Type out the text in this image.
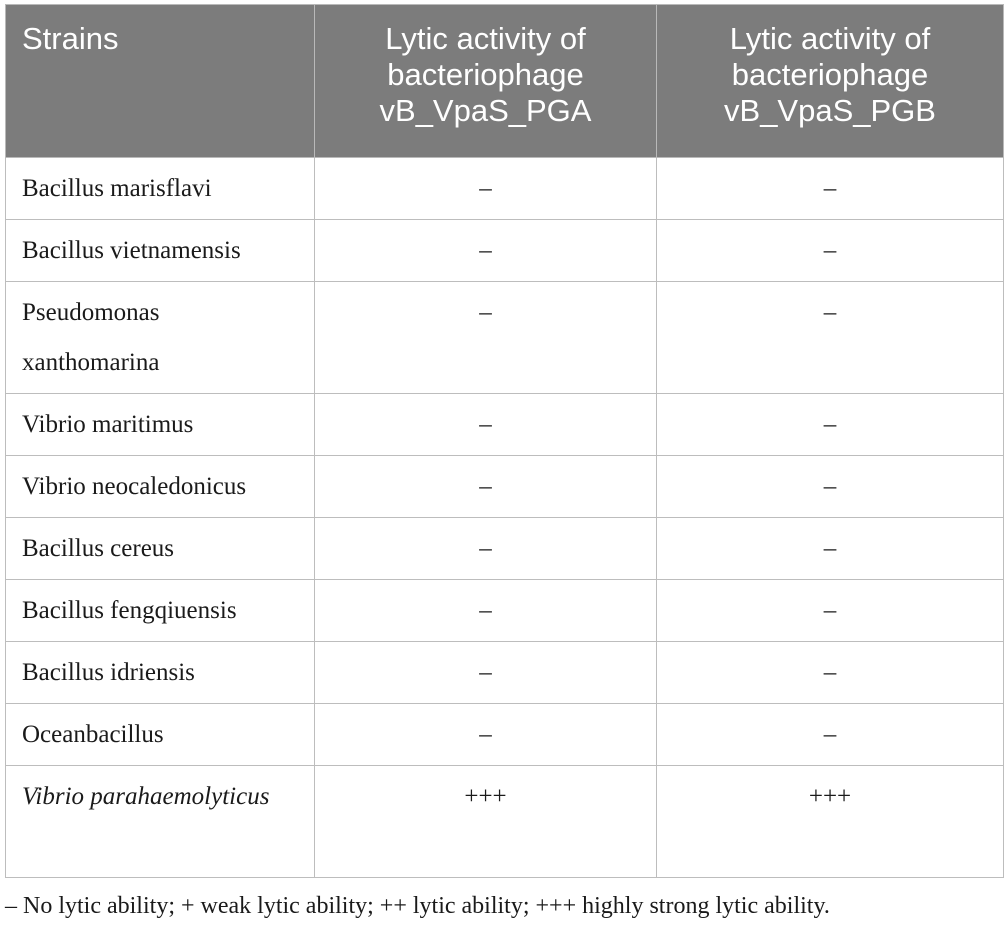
Strains	Lytic activity of bacteriophage vB_VpaS_PGA	Lytic activity of bacteriophage vB_VpaS_PGB
Bacillus marisflavi	–	–
Bacillus vietnamensis	–	–
Pseudomonas xanthomarina	–	–
Vibrio maritimus	–	–
Vibrio neocaledonicus	–	–
Bacillus cereus	–	–
Bacillus fengqiuensis	–	–
Bacillus idriensis	–	–
Oceanbacillus	–	–
Vibrio parahaemolyticus	+++	+++
– No lytic ability; + weak lytic ability; ++ lytic ability; +++ highly strong lytic ability.
